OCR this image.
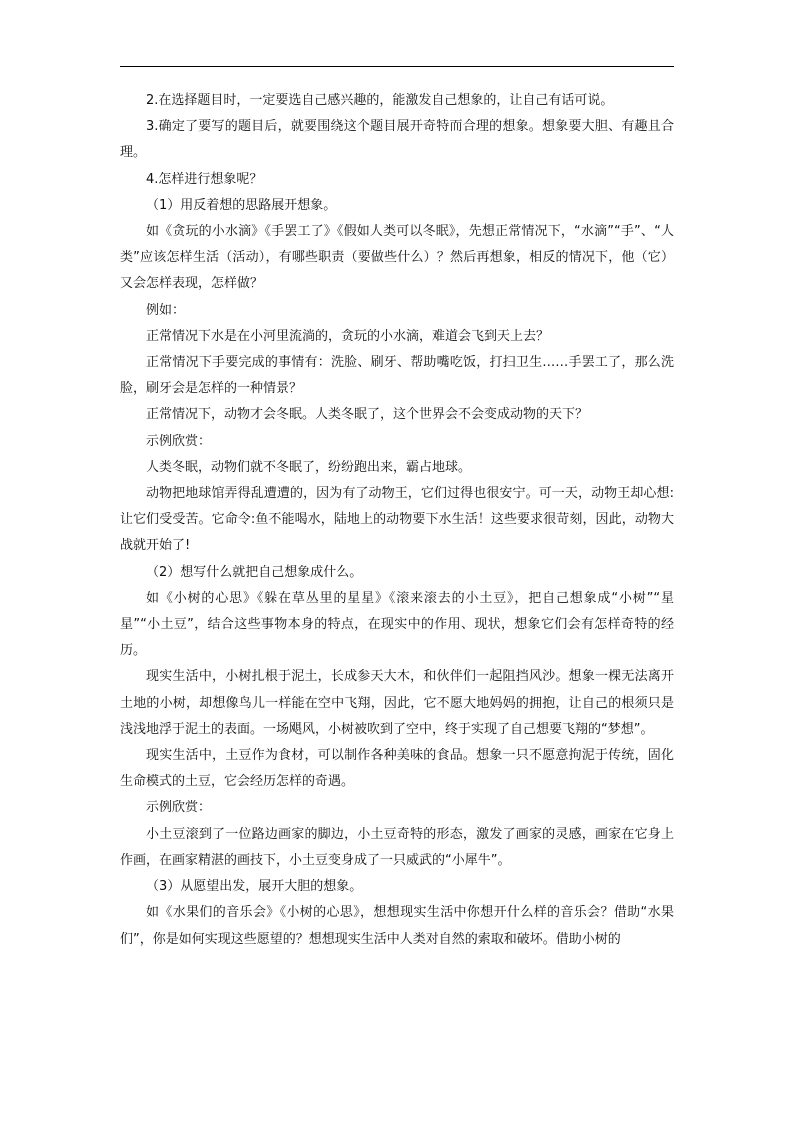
2.在选择题目时，一定要选自己感兴趣的，能激发自己想象的，让自己有话可说。

3.确定了要写的题目后，就要围绕这个题目展开奇特而合理的想象。想象要大胆、有趣且合理。

4.怎样进行想象呢？

（1）用反着想的思路展开想象。

如《贪玩的小水滴》《手罢工了》《假如人类可以冬眠》，先想正常情况下，“水滴”“手”、“人类”应该怎样生活（活动），有哪些职责（要做些什么）？然后再想象，相反的情况下，他（它）又会怎样表现，怎样做？

例如：

正常情况下水是在小河里流淌的，贪玩的小水滴，难道会飞到天上去？

正常情况下手要完成的事情有：洗脸、刷牙、帮助嘴吃饭，打扫卫生……手罢工了，那么洗脸，刷牙会是怎样的一种情景？

正常情况下，动物才会冬眠。人类冬眠了，这个世界会不会变成动物的天下？

示例欣赏：

人类冬眠，动物们就不冬眠了，纷纷跑出来，霸占地球。

动物把地球馆弄得乱遭遭的，因为有了动物王，它们过得也很安宁。可一天，动物王却心想:让它们受受苦。它命令:鱼不能喝水，陆地上的动物要下水生活！这些要求很苛刻，因此，动物大战就开始了!

（2）想写什么就把自己想象成什么。

如《小树的心思》《躲在草丛里的星星》《滚来滚去的小土豆》，把自己想象成“小树”“星星”“小土豆”，结合这些事物本身的特点，在现实中的作用、现状，想象它们会有怎样奇特的经历。

现实生活中，小树扎根于泥土，长成参天大木，和伙伴们一起阻挡风沙。想象一棵无法离开土地的小树，却想像鸟儿一样能在空中飞翔，因此，它不愿大地妈妈的拥抱，让自己的根须只是浅浅地浮于泥土的表面。一场飓风，小树被吹到了空中，终于实现了自己想要飞翔的“梦想”。

现实生活中，土豆作为食材，可以制作各种美味的食品。想象一只不愿意拘泥于传统，固化生命模式的土豆，它会经历怎样的奇遇。

示例欣赏：

小土豆滚到了一位路边画家的脚边，小土豆奇特的形态，激发了画家的灵感，画家在它身上作画，在画家精湛的画技下，小土豆变身成了一只威武的“小犀牛”。

（3）从愿望出发，展开大胆的想象。

如《水果们的音乐会》《小树的心思》，想想现实生活中你想开什么样的音乐会？借助“水果们”，你是如何实现这些愿望的？想想现实生活中人类对自然的索取和破坏。借助小树的
